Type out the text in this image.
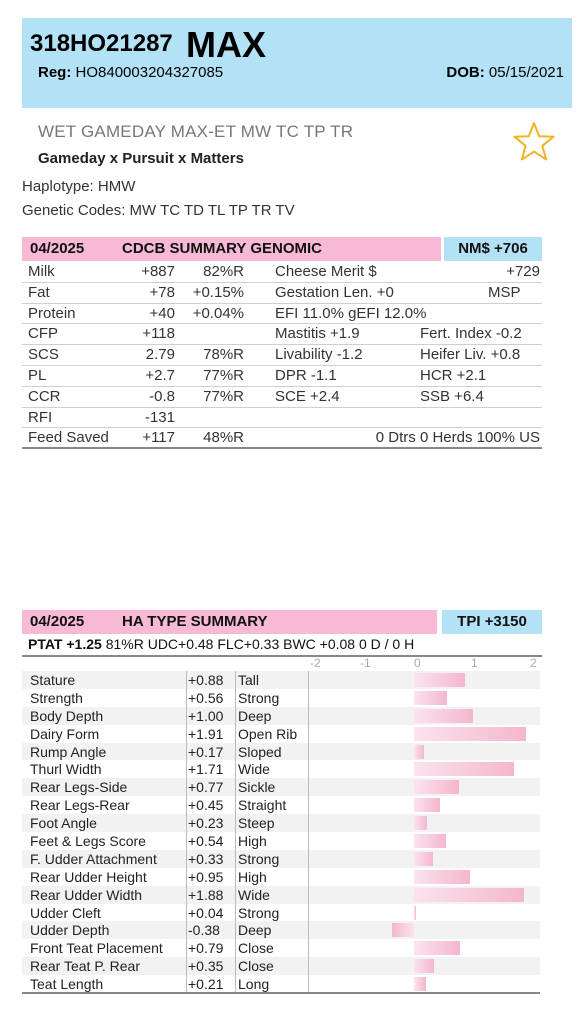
318HO21287 MAX
Reg: HO840003204327085	DOB: 05/15/2021
WET GAMEDAY MAX-ET MW TC TP TR
Gameday x Pursuit x Matters
Haplotype: HMW
Genetic Codes: MW TC TD TL TP TR TV
04/2025	CDCB SUMMARY GENOMIC	NM$ +706
Milk	+887 82%R Cheese Merit $	+729
Fat	+78 +0.15% Gestation Len. +0	MSP
Protein	+40 +0.04% EFI 11.0% gEFI 12.0%
CFP	+118	Mastitis +1.9	Fert. Index -0.2
SCS	2.79 78%R Livability -1.2	Heifer Liv. +0.8
PL	+2.7 77%R DPR -1.1	HCR +2.1
CCR	-0.8 77%R SCE +2.4	SSB +6.4
RFI	-131
Feed Saved +117 48%R	0 Dtrs 0 Herds 100% US
04/2025	HA TYPE SUMMARY	TPI +3150
PTAT +1.25 81%R UDC+0.48 FLC+0.33 BWC +0.08 0 D / 0 H
-2	-1	0	1	2
Stature	+0.88 Tall
Strength	+0.56 Strong
Body Depth	+1.00 Deep
Dairy Form	+1.91 Open Rib
Rump Angle	+0.17 Sloped
Thurl Width	+1.71 Wide
Rear Legs-Side	+0.77 Sickle
Rear Legs-Rear	+0.45 Straight
Foot Angle	+0.23 Steep
Feet & Legs Score	+0.54 High
F. Udder Attachment +0.33 Strong
Rear Udder Height	+0.95 High
Rear Udder Width	+1.88 Wide
Udder Cleft	+0.04 Strong
Udder Depth	-0.38 Deep
Front Teat Placement +0.79 Close
Rear Teat P. Rear	+0.35 Close
Teat Length	+0.21 Long
